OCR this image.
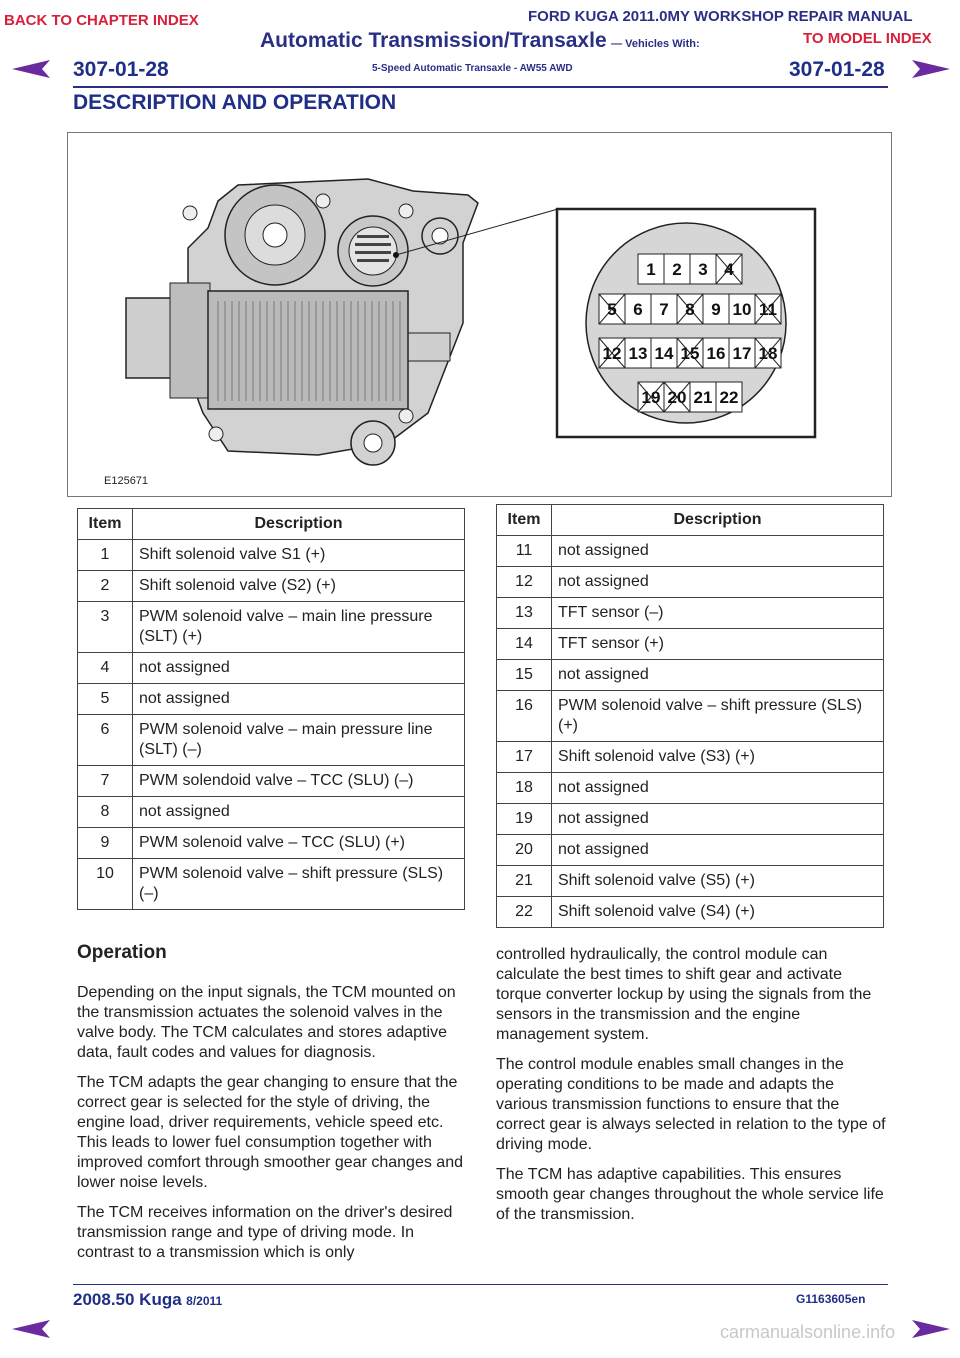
BACK TO CHAPTER INDEX	FORD KUGA 2011.0MY WORKSHOP REPAIR MANUAL
TO MODEL INDEX
Automatic Transmission/Transaxle — Vehicles With:
5-Speed Automatic Transaxle - AW55 AWD
307-01-28	307-01-28
DESCRIPTION AND OPERATION
1 2 3 4
5 6 7 8 9 10 11
12 13 14 15 16 17 18
19 20 21 22
E125671
Item	Description
1	Shift solenoid valve S1 (+)
2	Shift solenoid valve (S2) (+)
3	PWM solenoid valve – main line pressure (SLT) (+)
4	not assigned
5	not assigned
6	PWM solenoid valve – main pressure line (SLT) (–)
7	PWM solendoid valve – TCC (SLU) (–)
8	not assigned
9	PWM solenoid valve – TCC (SLU) (+)
10	PWM solenoid valve – shift pressure (SLS) (–)
Item	Description
11	not assigned
12	not assigned
13	TFT sensor (–)
14	TFT sensor (+)
15	not assigned
16	PWM solenoid valve – shift pressure (SLS) (+)
17	Shift solenoid valve (S3) (+)
18	not assigned
19	not assigned
20	not assigned
21	Shift solenoid valve (S5) (+)
22	Shift solenoid valve (S4) (+)
Operation

Depending on the input signals, the TCM mounted on the transmission actuates the solenoid valves in the valve body. The TCM calculates and stores adaptive data, fault codes and values for diagnosis.

The TCM adapts the gear changing to ensure that the correct gear is selected for the style of driving, the engine load, driver requirements, vehicle speed etc. This leads to lower fuel consumption together with improved comfort through smoother gear changes and lower noise levels.

The TCM receives information on the driver's desired transmission range and type of driving mode. In contrast to a transmission which is only

controlled hydraulically, the control module can calculate the best times to shift gear and activate torque converter lockup by using the signals from the sensors in the transmission and the engine management system.

The control module enables small changes in the operating conditions to be made and adapts the various transmission functions to ensure that the correct gear is always selected in relation to the type of driving mode.

The TCM has adaptive capabilities. This ensures smooth gear changes throughout the whole service life of the transmission.

2008.50 Kuga 8/2011	G1163605en
carmanualsonline.info
